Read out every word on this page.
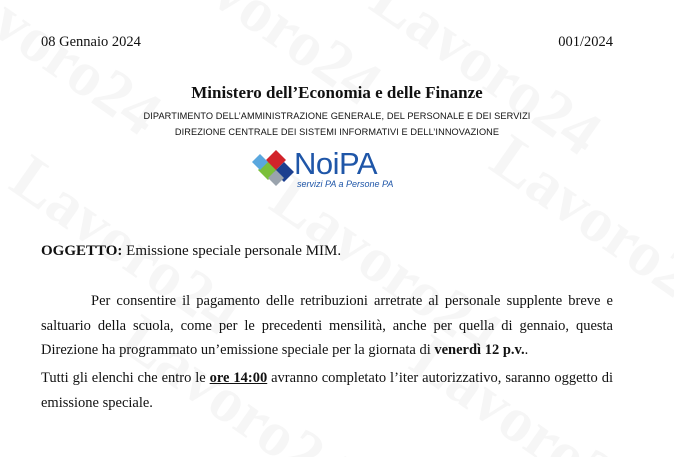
08 Gennaio 2024	001/2024
Ministero dell’Economia e delle Finanze
DIPARTIMENTO DELL’AMMINISTRAZIONE GENERALE, DEL PERSONALE E DEI SERVIZI
DIREZIONE CENTRALE DEI SISTEMI INFORMATIVI E DELL’INNOVAZIONE
NoiPA
servizi PA a Persone PA
OGGETTO: Emissione speciale personale MIM.
Per consentire il pagamento delle retribuzioni arretrate al personale supplente breve e saltuario della scuola, come per le precedenti mensilità, anche per quella di gennaio, questa Direzione ha programmato un’emissione speciale per la giornata di venerdì 12 p.v..
Tutti gli elenchi che entro le ore 14:00 avranno completato l’iter autorizzativo, saranno oggetto di emissione speciale.
